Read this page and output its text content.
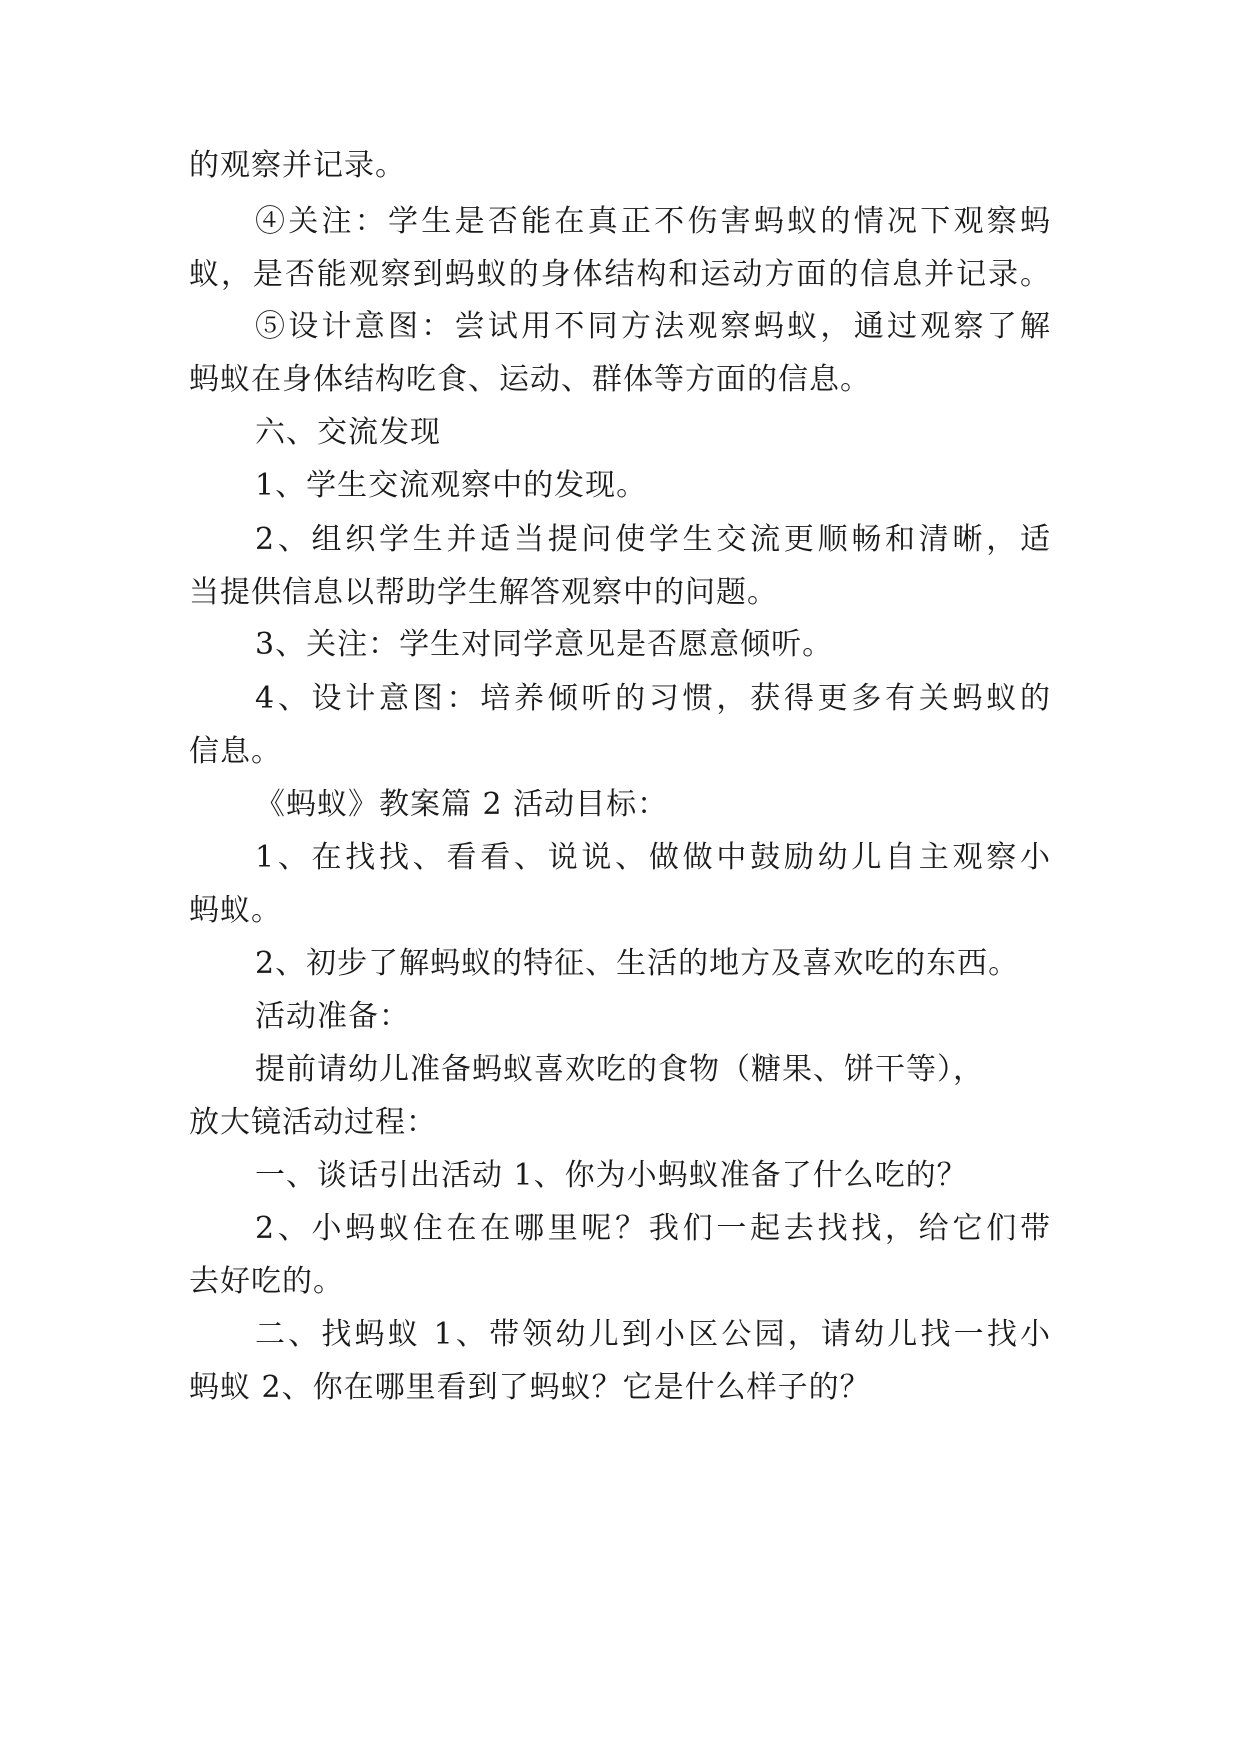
的观察并记录。
④关注：学生是否能在真正不伤害蚂蚁的情况下观察蚂
蚁，是否能观察到蚂蚁的身体结构和运动方面的信息并记录。
⑤设计意图：尝试用不同方法观察蚂蚁，通过观察了解
蚂蚁在身体结构吃食、运动、群体等方面的信息。
六、交流发现
1、学生交流观察中的发现。
2、组织学生并适当提问使学生交流更顺畅和清晰，适
当提供信息以帮助学生解答观察中的问题。
3、关注：学生对同学意见是否愿意倾听。
4、设计意图：培养倾听的习惯，获得更多有关蚂蚁的
信息。
《蚂蚁》教案篇 2 活动目标：
1、在找找、看看、说说、做做中鼓励幼儿自主观察小
蚂蚁。
2、初步了解蚂蚁的特征、生活的地方及喜欢吃的东西。
活动准备：
提前请幼儿准备蚂蚁喜欢吃的食物（糖果、饼干等），
放大镜活动过程：
一、谈话引出活动 1、你为小蚂蚁准备了什么吃的？
2、小蚂蚁住在在哪里呢？我们一起去找找，给它们带
去好吃的。
二、找蚂蚁 1、带领幼儿到小区公园，请幼儿找一找小
蚂蚁 2、你在哪里看到了蚂蚁？它是什么样子的？
